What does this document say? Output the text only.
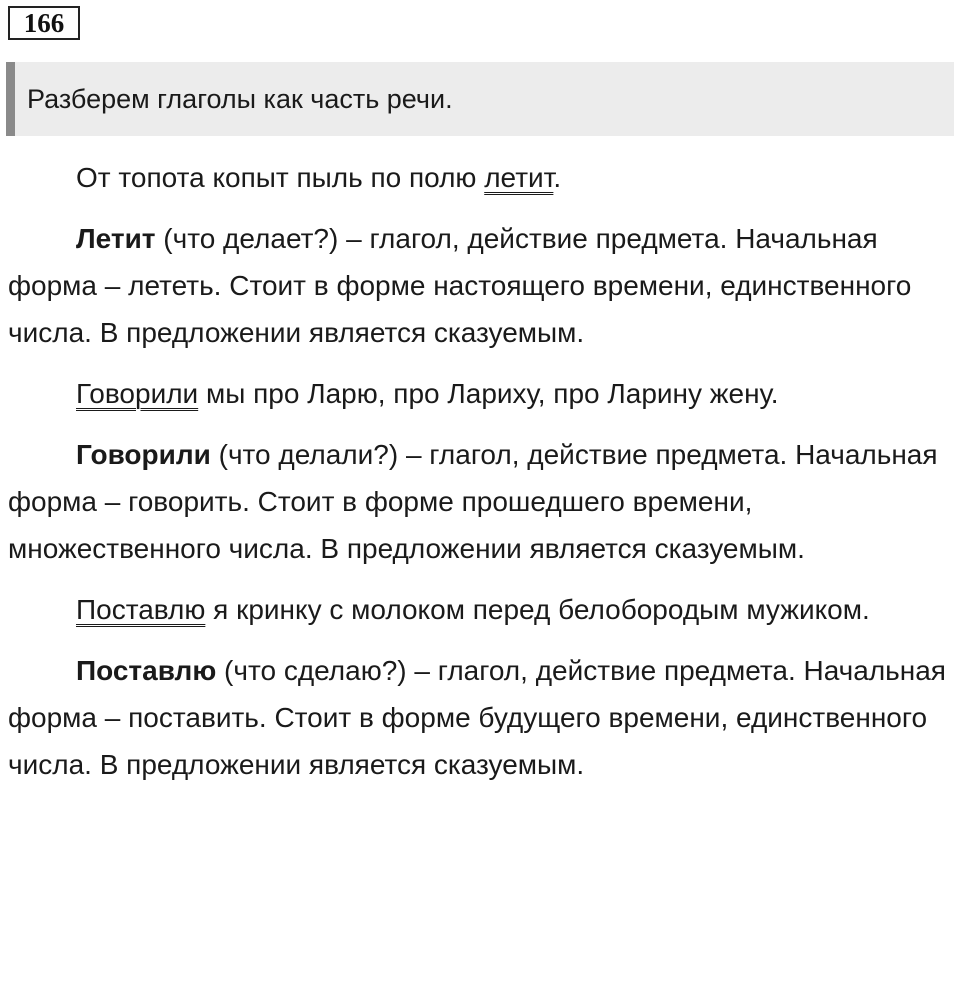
166
Разберем глаголы как часть речи.

От топота копыт пыль по полю летит.

Летит (что делает?) – глагол, действие предмета. Начальная форма – лететь. Стоит в форме настоящего времени, единственного числа. В предложении является сказуемым.

Говорили мы про Ларю, про Лариху, про Ларину жену.

Говорили (что делали?) – глагол, действие предмета. Начальная форма – говорить. Стоит в форме прошедшего времени, множественного числа. В предложении является сказуемым.

Поставлю я кринку с молоком перед белобородым мужиком.

Поставлю (что сделаю?) – глагол, действие предмета. Начальная форма – поставить. Стоит в форме будущего времени, единственного числа. В предложении является сказуемым.
